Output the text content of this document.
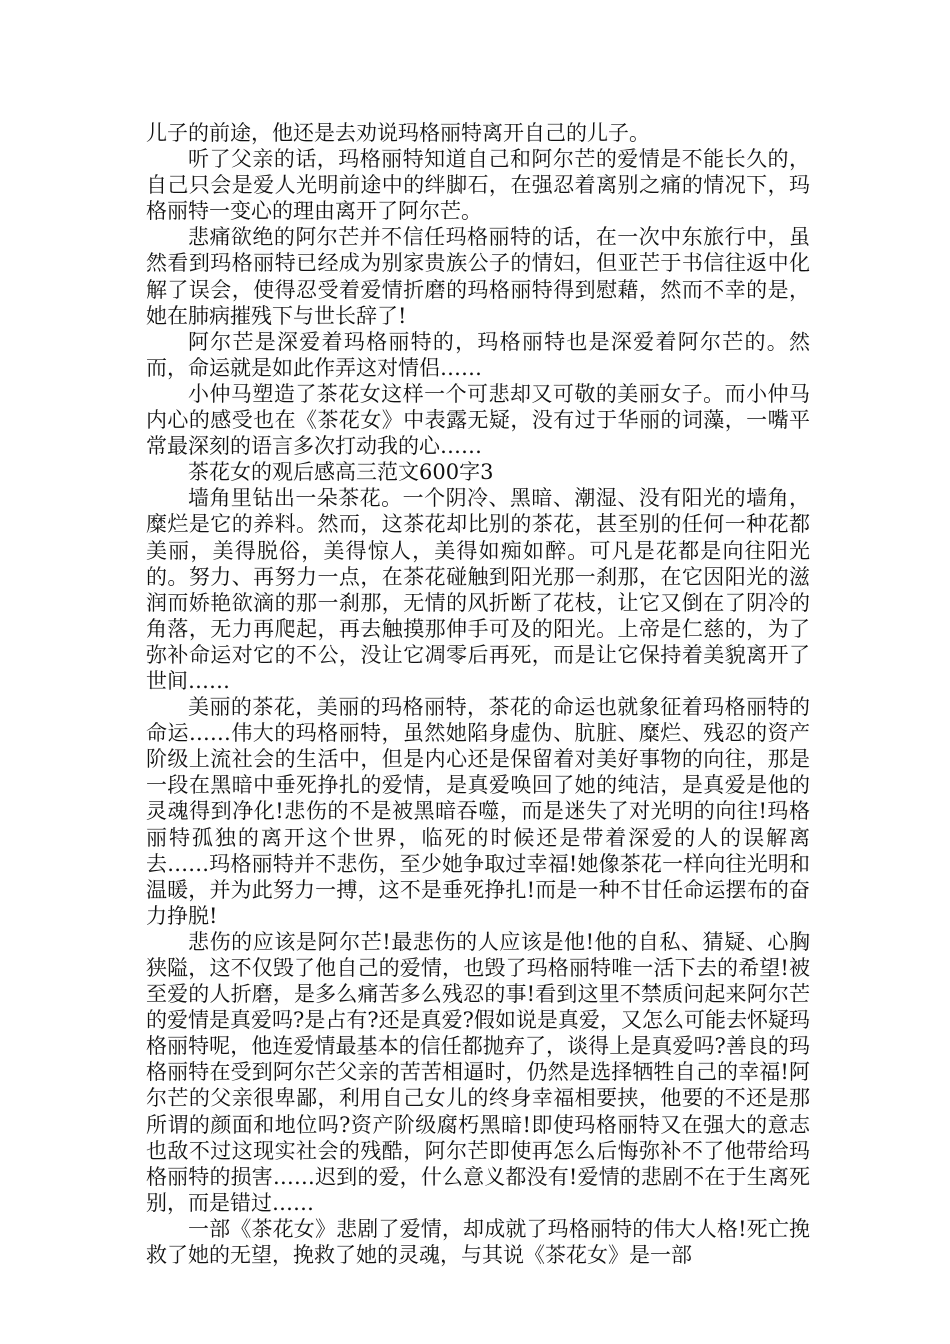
儿子的前途，他还是去劝说玛格丽特离开自己的儿子。

听了父亲的话，玛格丽特知道自己和阿尔芒的爱情是不能长久的，自己只会是爱人光明前途中的绊脚石，在强忍着离别之痛的情况下，玛格丽特一变心的理由离开了阿尔芒。

悲痛欲绝的阿尔芒并不信任玛格丽特的话，在一次中东旅行中，虽然看到玛格丽特已经成为别家贵族公子的情妇，但亚芒于书信往返中化解了误会，使得忍受着爱情折磨的玛格丽特得到慰藉，然而不幸的是，她在肺病摧残下与世长辞了!

阿尔芒是深爱着玛格丽特的，玛格丽特也是深爱着阿尔芒的。然而，命运就是如此作弄这对情侣……

小仲马塑造了茶花女这样一个可悲却又可敬的美丽女子。而小仲马内心的感受也在《茶花女》中表露无疑，没有过于华丽的词藻，一嘴平常最深刻的语言多次打动我的心……

茶花女的观后感高三范文600字3

墙角里钻出一朵茶花。一个阴冷、黑暗、潮湿、没有阳光的墙角，糜烂是它的养料。然而，这茶花却比别的茶花，甚至别的任何一种花都美丽，美得脱俗，美得惊人，美得如痴如醉。可凡是花都是向往阳光的。努力、再努力一点，在茶花碰触到阳光那一刹那，在它因阳光的滋润而娇艳欲滴的那一刹那，无情的风折断了花枝，让它又倒在了阴冷的角落，无力再爬起，再去触摸那伸手可及的阳光。上帝是仁慈的，为了弥补命运对它的不公，没让它凋零后再死，而是让它保持着美貌离开了世间……

美丽的茶花，美丽的玛格丽特，茶花的命运也就象征着玛格丽特的命运……伟大的玛格丽特，虽然她陷身虚伪、肮脏、糜烂、残忍的资产阶级上流社会的生活中，但是内心还是保留着对美好事物的向往，那是一段在黑暗中垂死挣扎的爱情，是真爱唤回了她的纯洁，是真爱是他的灵魂得到净化!悲伤的不是被黑暗吞噬，而是迷失了对光明的向往!玛格丽特孤独的离开这个世界，临死的时候还是带着深爱的人的误解离去……玛格丽特并不悲伤，至少她争取过幸福!她像茶花一样向往光明和温暖，并为此努力一搏，这不是垂死挣扎!而是一种不甘任命运摆布的奋力挣脱!

悲伤的应该是阿尔芒!最悲伤的人应该是他!他的自私、猜疑、心胸狭隘，这不仅毁了他自己的爱情，也毁了玛格丽特唯一活下去的希望!被至爱的人折磨，是多么痛苦多么残忍的事!看到这里不禁质问起来阿尔芒的爱情是真爱吗?是占有?还是真爱?假如说是真爱，又怎么可能去怀疑玛格丽特呢，他连爱情最基本的信任都抛弃了，谈得上是真爱吗?善良的玛格丽特在受到阿尔芒父亲的苦苦相逼时，仍然是选择牺牲自己的幸福!阿尔芒的父亲很卑鄙，利用自己女儿的终身幸福相要挟，他要的不还是那所谓的颜面和地位吗?资产阶级腐朽黑暗!即使玛格丽特又在强大的意志也敌不过这现实社会的残酷，阿尔芒即使再怎么后悔弥补不了他带给玛格丽特的损害……迟到的爱，什么意义都没有!爱情的悲剧不在于生离死别，而是错过……

一部《茶花女》悲剧了爱情，却成就了玛格丽特的伟大人格!死亡挽救了她的无望，挽救了她的灵魂，与其说《茶花女》是一部
